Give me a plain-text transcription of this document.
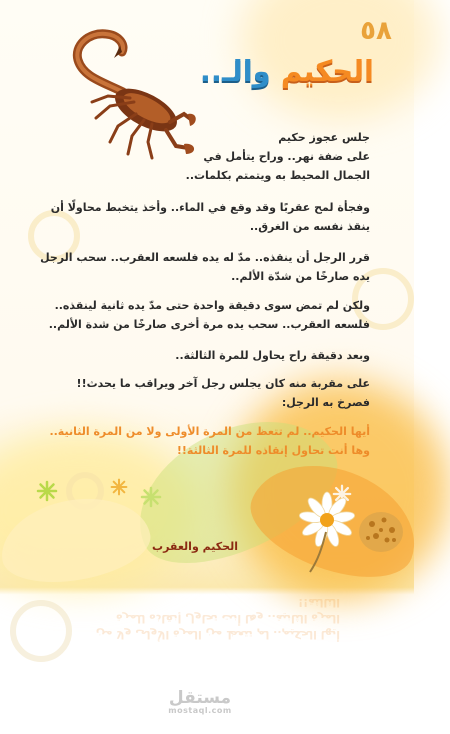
٥٨
الحكيم والـ..

جلس عجوز حكيم

على ضفة نهر.. وراح يتأمل في

الجمال المحيط به ويتمتم بكلمات..

وفجأة لمح عقربًا وقد وقع في الماء.. وأخذ يتخبط محاولًا أن ينقذ نفسه من الغرق..

قرر الرجل أن ينقذه.. مدّ له يده فلسعه العقرب.. سحب الرجل يده صارخًا من شدّة الألم..

ولكن لم تمض سوى دقيقة واحدة حتى مدّ يده ثانية لينقذه.. فلسعه العقرب.. سحب يده مرة أخرى صارخًا من شدة الألم..

وبعد دقيقة راح يحاول للمرة الثالثة..

على مقربة منه كان يجلس رجل آخر ويراقب ما يحدث!! فصرخ به الرجل:

أيها الحكيم.. لم تتعظ من المرة الأولى ولا من المرة الثانية.. وها أنت تحاول إنقاذه للمرة الثالثة!!

الحكيم والعقرب
أيها الحكيم.. لم تتعظ من المرة الأولى ولا من المرة الثانية.. وها أنت تحاول إنقاذه للمرة الثالثة!!
مستقل
mostaql.com
